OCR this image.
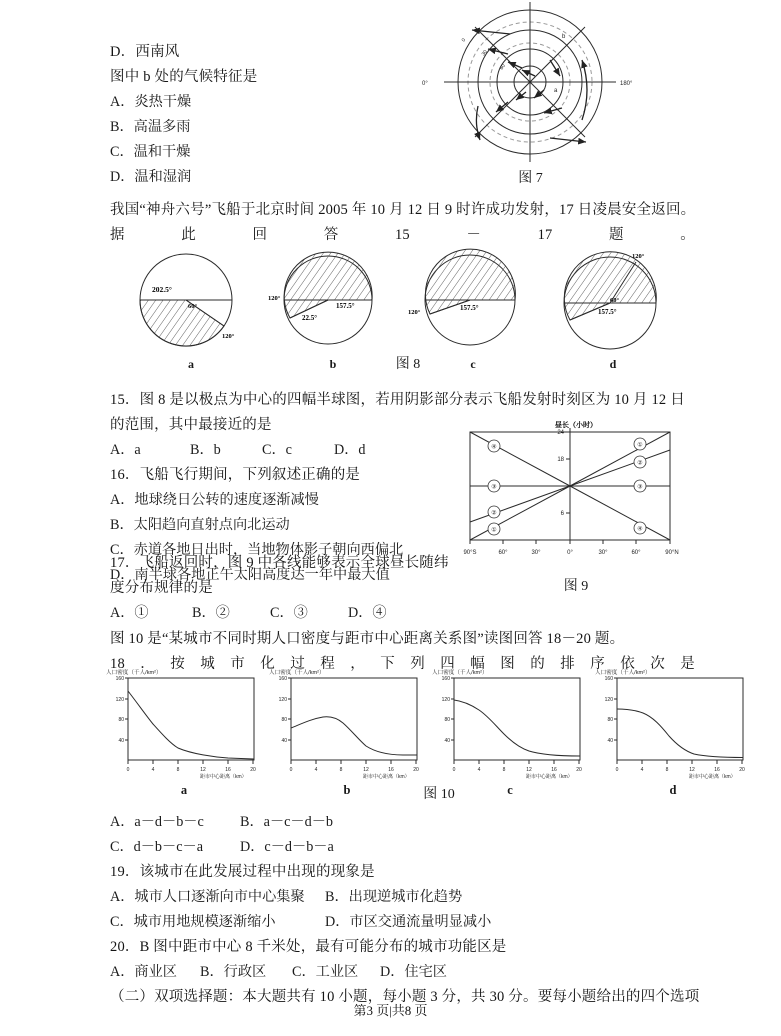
0°	180°
0
30
60
b
a
图 7
D．西南风
图中 b 处的气候特征是
A．炎热干燥
B．高温多雨
C．温和干燥
D．温和湿润
我国“神舟六号”飞船于北京时间 2005 年 10 月 12 日 9 时许成功发射，17 日凌晨安全返回。
据	此	回	答	15	－	17	题	。
202.5°
60°
120°
a
120°
157.5°
22.5°
b
120°
157.5°
c
120°
60°
157.5°
d
图 8
15．图 8 是以极点为中心的四幅半球图，若用阴影部分表示飞船发射时刻区为 10 月 12 日
的范围，其中最接近的是
A．a	B．b	C．c	D．d
16．飞船飞行期间，下列叙述正确的是
A．地球绕日公转的速度逐渐减慢
B．太阳趋向直射点向北运动
C．赤道各地日出时，当地物体影子朝向西偏北
D．南半球各地正午太阳高度达一年中最大值
24
18
6
90°S	60°	30°	0°	30°	60°	90°N
昼长（小时）
①
②
③
④	①
②
③
④
图 9
17．飞船返回时，图 9 中各线能够表示全球昼长随纬
度分布规律的是
A．①	B．②	C．③	D．④
图 10 是“某城市不同时期人口密度与距市中心距离关系图”读图回答 18－20 题。
18 ． 按 城 市 化 过 程 ， 下 列 四 幅 图 的 排 序 依 次 是
人口密度（千人/km²）
160
120
80
40
0	4	8	12	16	20
距市中心距离（km）
a
人口密度（千人/km²）
160
120
80
40
0	4	8	12	16	20
距市中心距离（km）
b
人口密度（千人/km²）
160
120
80
40
0	4	8	12	16	20
距市中心距离（km）
c
人口密度（千人/km²）
160
120
80
40
0	4	8	12	16	20
距市中心距离（km）
d
图 10
A．a－d－b－c	B．a－c－d－b
C．d－b－c－a	D．c－d－b－a
19．该城市在此发展过程中出现的现象是
A．城市人口逐渐向市中心集聚	B．出现逆城市化趋势
C．城市用地规模逐渐缩小	D．市区交通流量明显减小
20．B 图中距市中心 8 千米处，最有可能分布的城市功能区是
A．商业区	B．行政区	C．工业区	D．住宅区
（二）双项选择题：本大题共有 10 小题，每小题 3 分，共 30 分。要每小题给出的四个选项
第3 页|共8 页
